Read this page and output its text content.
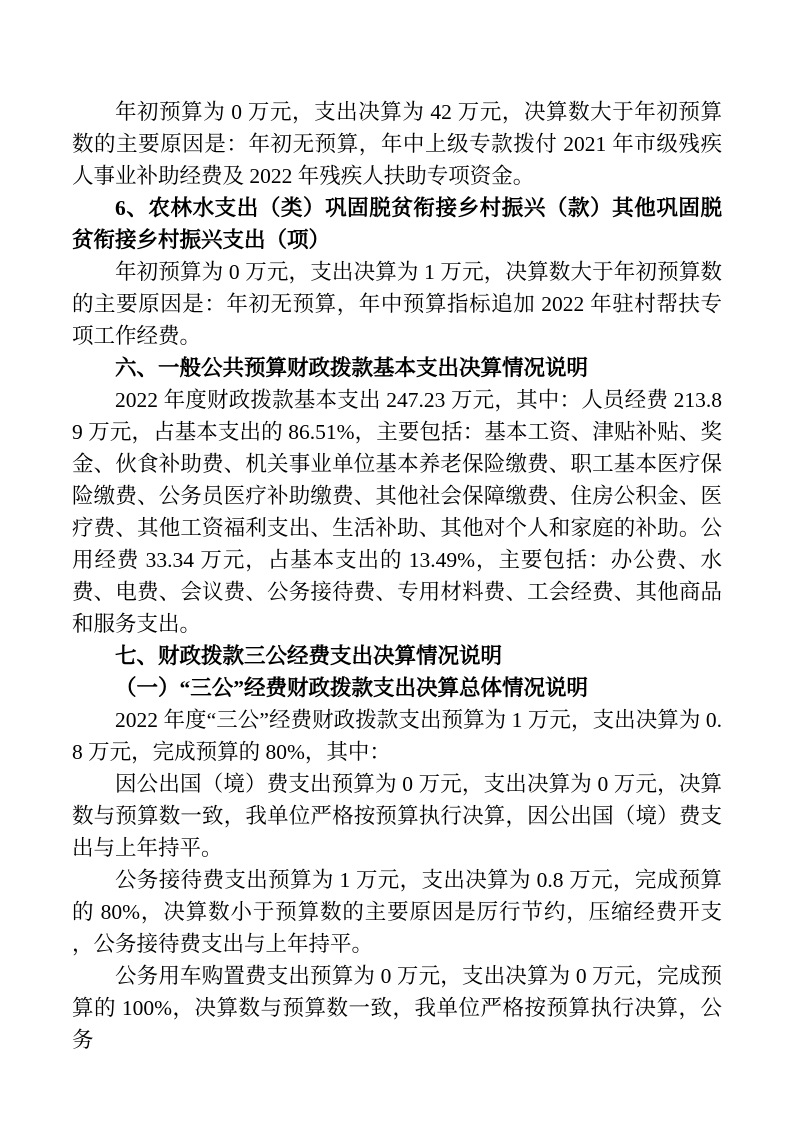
年初预算为 0 万元，支出决算为 42 万元，决算数大于年初预算数的主要原因是：年初无预算，年中上级专款拨付 2021 年市级残疾人事业补助经费及 2022 年残疾人扶助专项资金。

6、农林水支出（类）巩固脱贫衔接乡村振兴（款）其他巩固脱贫衔接乡村振兴支出（项）

年初预算为 0 万元，支出决算为 1 万元，决算数大于年初预算数的主要原因是：年初无预算，年中预算指标追加 2022 年驻村帮扶专项工作经费。

六、一般公共预算财政拨款基本支出决算情况说明

2022 年度财政拨款基本支出 247.23 万元，其中：人员经费 213.89 万元，占基本支出的 86.51%，主要包括：基本工资、津贴补贴、奖金、伙食补助费、机关事业单位基本养老保险缴费、职工基本医疗保险缴费、公务员医疗补助缴费、其他社会保障缴费、住房公积金、医疗费、其他工资福利支出、生活补助、其他对个人和家庭的补助。公用经费 33.34 万元，占基本支出的 13.49%，主要包括：办公费、水费、电费、会议费、公务接待费、专用材料费、工会经费、其他商品和服务支出。

七、财政拨款三公经费支出决算情况说明

（一）“三公”经费财政拨款支出决算总体情况说明

2022 年度“三公”经费财政拨款支出预算为 1 万元，支出决算为 0.8 万元，完成预算的 80%，其中：

因公出国（境）费支出预算为 0 万元，支出决算为 0 万元，决算数与预算数一致，我单位严格按预算执行决算，因公出国（境）费支出与上年持平。

公务接待费支出预算为 1 万元，支出决算为 0.8 万元，完成预算的 80%，决算数小于预算数的主要原因是厉行节约，压缩经费开支 ，公务接待费支出与上年持平。

公务用车购置费支出预算为 0 万元，支出决算为 0 万元，完成预算的 100%，决算数与预算数一致，我单位严格按预算执行决算，公务
